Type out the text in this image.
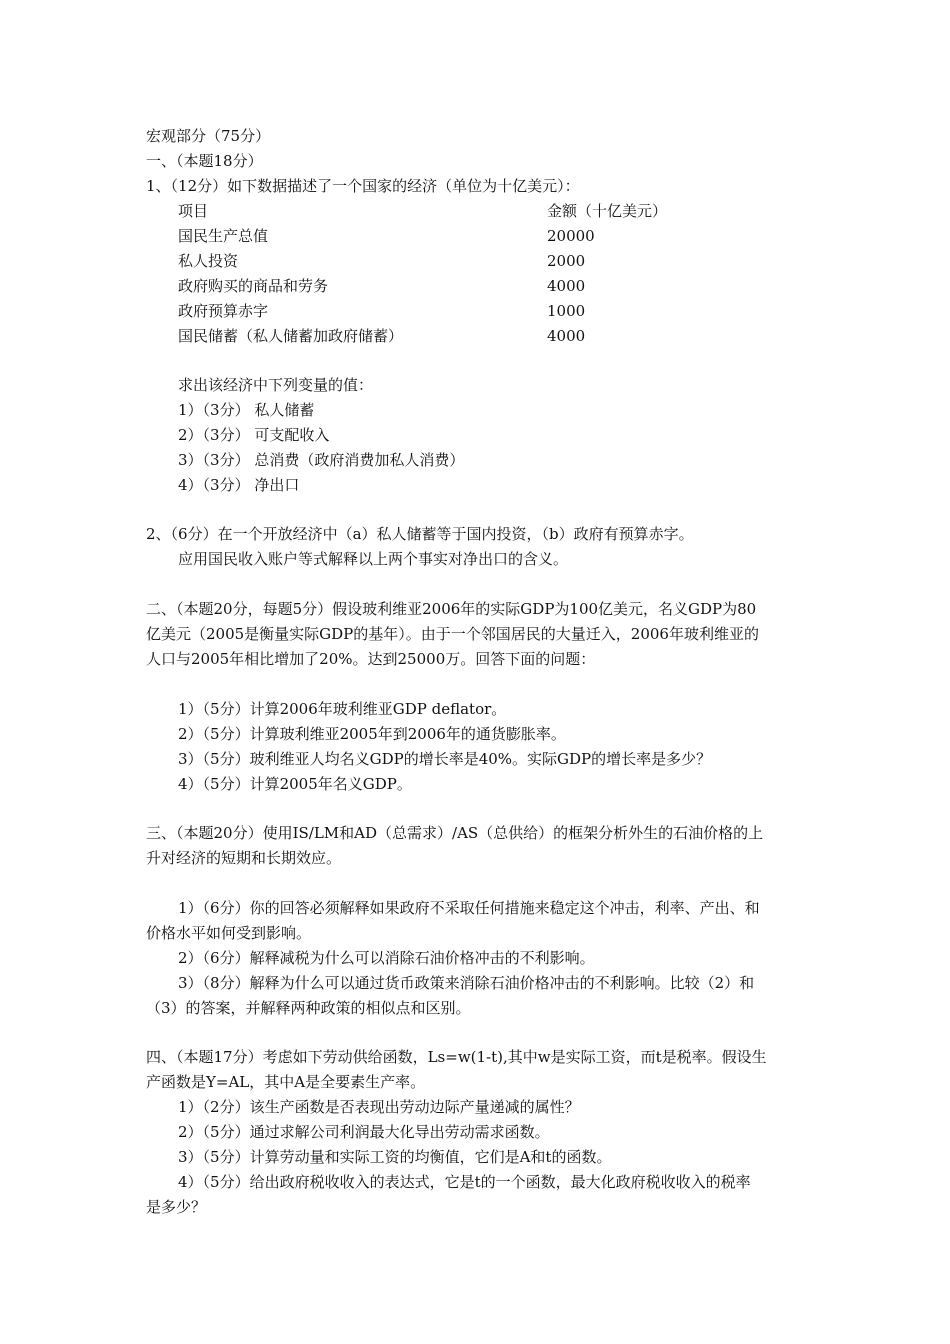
宏观部分（75分）
一、（本题18分）
1、（12分）如下数据描述了一个国家的经济（单位为十亿美元）：
项目	金额（十亿美元）
国民生产总值	20000
私人投资	2000
政府购买的商品和劳务	4000
政府预算赤字	1000
国民储蓄（私人储蓄加政府储蓄）	4000
求出该经济中下列变量的值：
1）（3分） 私人储蓄
2）（3分） 可支配收入
3）（3分） 总消费（政府消费加私人消费）
4）（3分） 净出口
2、（6分）在一个开放经济中（a）私人储蓄等于国内投资，（b）政府有预算赤字。
应用国民收入账户等式解释以上两个事实对净出口的含义。
二、（本题20分，每题5分）假设玻利维亚2006年的实际GDP为100亿美元，名义GDP为80
亿美元（2005是衡量实际GDP的基年）。由于一个邻国居民的大量迁入，2006年玻利维亚的
人口与2005年相比增加了20%。达到25000万。回答下面的问题：
1）（5分）计算2006年玻利维亚GDP deflator。
2）（5分）计算玻利维亚2005年到2006年的通货膨胀率。
3）（5分）玻利维亚人均名义GDP的增长率是40%。实际GDP的增长率是多少？
4）（5分）计算2005年名义GDP。
三、（本题20分）使用IS/LM和AD（总需求）/AS（总供给）的框架分析外生的石油价格的上
升对经济的短期和长期效应。
1）（6分）你的回答必须解释如果政府不采取任何措施来稳定这个冲击，利率、产出、和
价格水平如何受到影响。
2）（6分）解释减税为什么可以消除石油价格冲击的不利影响。
3）（8分）解释为什么可以通过货币政策来消除石油价格冲击的不利影响。比较（2）和
（3）的答案，并解释两种政策的相似点和区别。
四、（本题17分）考虑如下劳动供给函数，Ls=w(1-t),其中w是实际工资，而t是税率。假设生
产函数是Y=AL，其中A是全要素生产率。
1）（2分）该生产函数是否表现出劳动边际产量递减的属性？
2）（5分）通过求解公司利润最大化导出劳动需求函数。
3）（5分）计算劳动量和实际工资的均衡值，它们是A和t的函数。
4）（5分）给出政府税收收入的表达式，它是t的一个函数，最大化政府税收收入的税率
是多少？
